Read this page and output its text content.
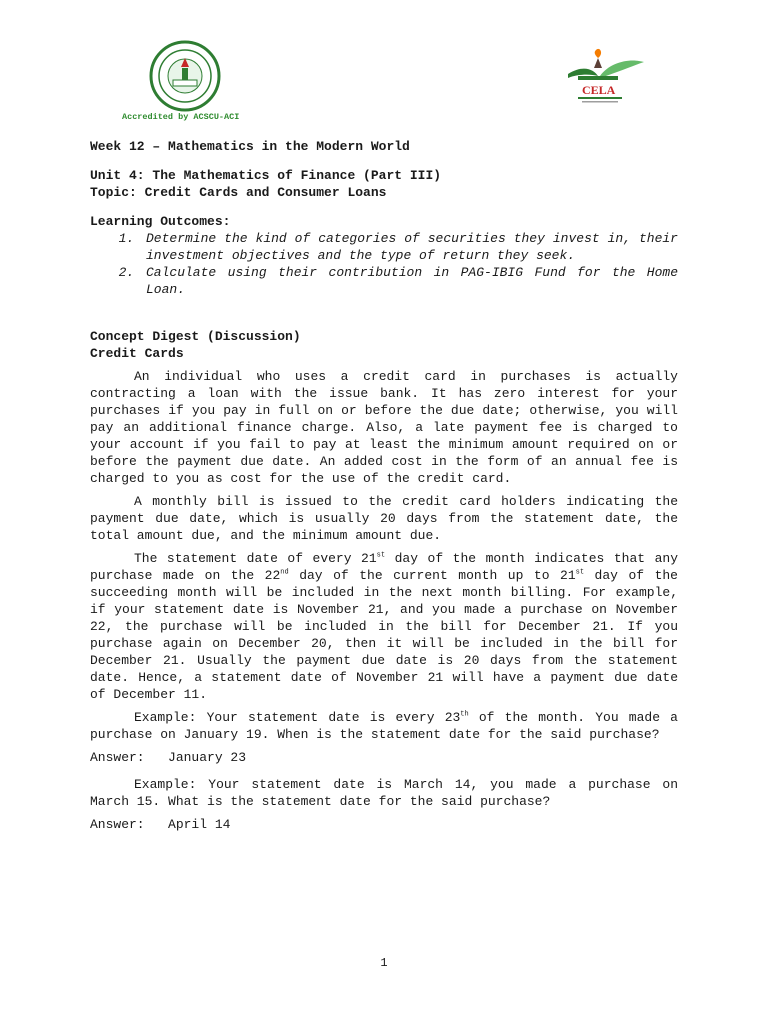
Accredited by ACSCU-ACI
CELA

Week 12 – Mathematics in the Modern World

Unit 4: The Mathematics of Finance (Part III)

Topic: Credit Cards and Consumer Loans

Learning Outcomes:

1. Determine the kind of categories of securities they invest in, their investment objectives and the type of return they seek.
2. Calculate using their contribution in PAG-IBIG Fund for the Home Loan.

Concept Digest (Discussion)

Credit Cards

An individual who uses a credit card in purchases is actually contracting a loan with the issue bank. It has zero interest for your purchases if you pay in full on or before the due date; otherwise, you will pay an additional finance charge. Also, a late payment fee is charged to your account if you fail to pay at least the minimum amount required on or before the payment due date. An added cost in the form of an annual fee is charged to you as cost for the use of the credit card.

A monthly bill is issued to the credit card holders indicating the payment due date, which is usually 20 days from the statement date, the total amount due, and the minimum amount due.

The statement date of every 21st day of the month indicates that any purchase made on the 22nd day of the current month up to 21st day of the succeeding month will be included in the next month billing. For example, if your statement date is November 21, and you made a purchase on November 22, the purchase will be included in the bill for December 21. If you purchase again on December 20, then it will be included in the bill for December 21. Usually the payment due date is 20 days from the statement date. Hence, a statement date of November 21 will have a payment due date of December 11.

Example: Your statement date is every 23th of the month. You made a purchase on January 19. When is the statement date for the said purchase?

Answer:   January 23

Example: Your statement date is March 14, you made a purchase on March 15. What is the statement date for the said purchase?

Answer:   April 14

1
